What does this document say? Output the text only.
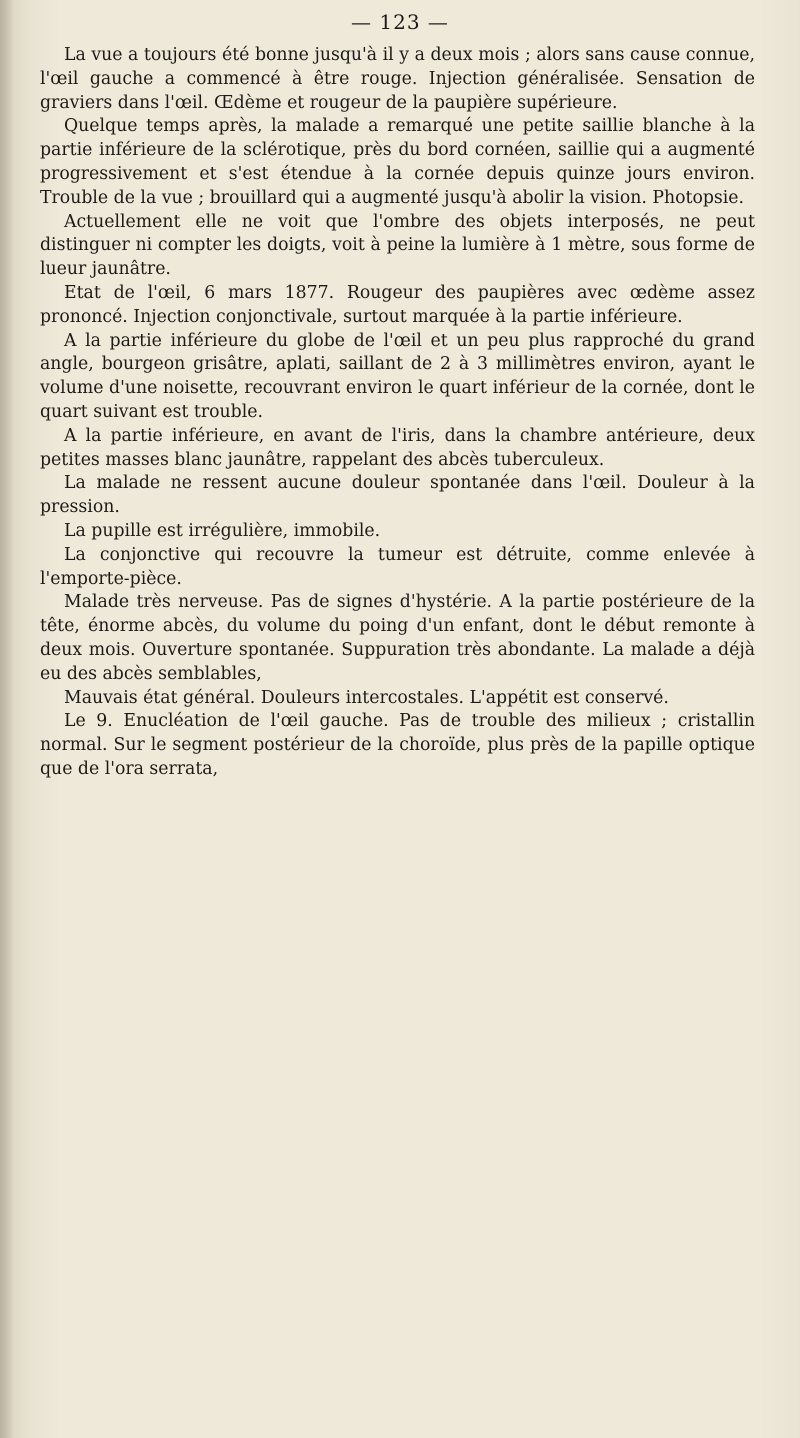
— 123 —

La vue a toujours été bonne jusqu'à il y a deux mois ; alors sans cause connue, l'œil gauche a commencé à être rouge. Injection généralisée. Sensation de graviers dans l'œil. Œdème et rougeur de la paupière supérieure.

Quelque temps après, la malade a remarqué une petite saillie blanche à la partie inférieure de la sclérotique, près du bord cornéen, saillie qui a augmenté progressivement et s'est étendue à la cornée depuis quinze jours environ. Trouble de la vue ; brouillard qui a augmenté jusqu'à abolir la vision. Photopsie.

Actuellement elle ne voit que l'ombre des objets interposés, ne peut distinguer ni compter les doigts, voit à peine la lumière à 1 mètre, sous forme de lueur jaunâtre.

Etat de l'œil, 6 mars 1877. Rougeur des paupières avec œdème assez prononcé. Injection conjonctivale, surtout marquée à la partie inférieure.

A la partie inférieure du globe de l'œil et un peu plus rapproché du grand angle, bourgeon grisâtre, aplati, saillant de 2 à 3 millimètres environ, ayant le volume d'une noisette, recouvrant environ le quart inférieur de la cornée, dont le quart suivant est trouble.

A la partie inférieure, en avant de l'iris, dans la chambre antérieure, deux petites masses blanc jaunâtre, rappelant des abcès tuberculeux.

La malade ne ressent aucune douleur spontanée dans l'œil. Douleur à la pression.

La pupille est irrégulière, immobile.

La conjonctive qui recouvre la tumeur est détruite, comme enlevée à l'emporte-pièce.

Malade très nerveuse. Pas de signes d'hystérie. A la partie postérieure de la tête, énorme abcès, du volume du poing d'un enfant, dont le début remonte à deux mois. Ouverture spontanée. Suppuration très abondante. La malade a déjà eu des abcès semblables,

Mauvais état général. Douleurs intercostales. L'appétit est conservé.

Le 9. Enucléation de l'œil gauche. Pas de trouble des milieux ; cristallin normal. Sur le segment postérieur de la choroïde, plus près de la papille optique que de l'ora serrata,
